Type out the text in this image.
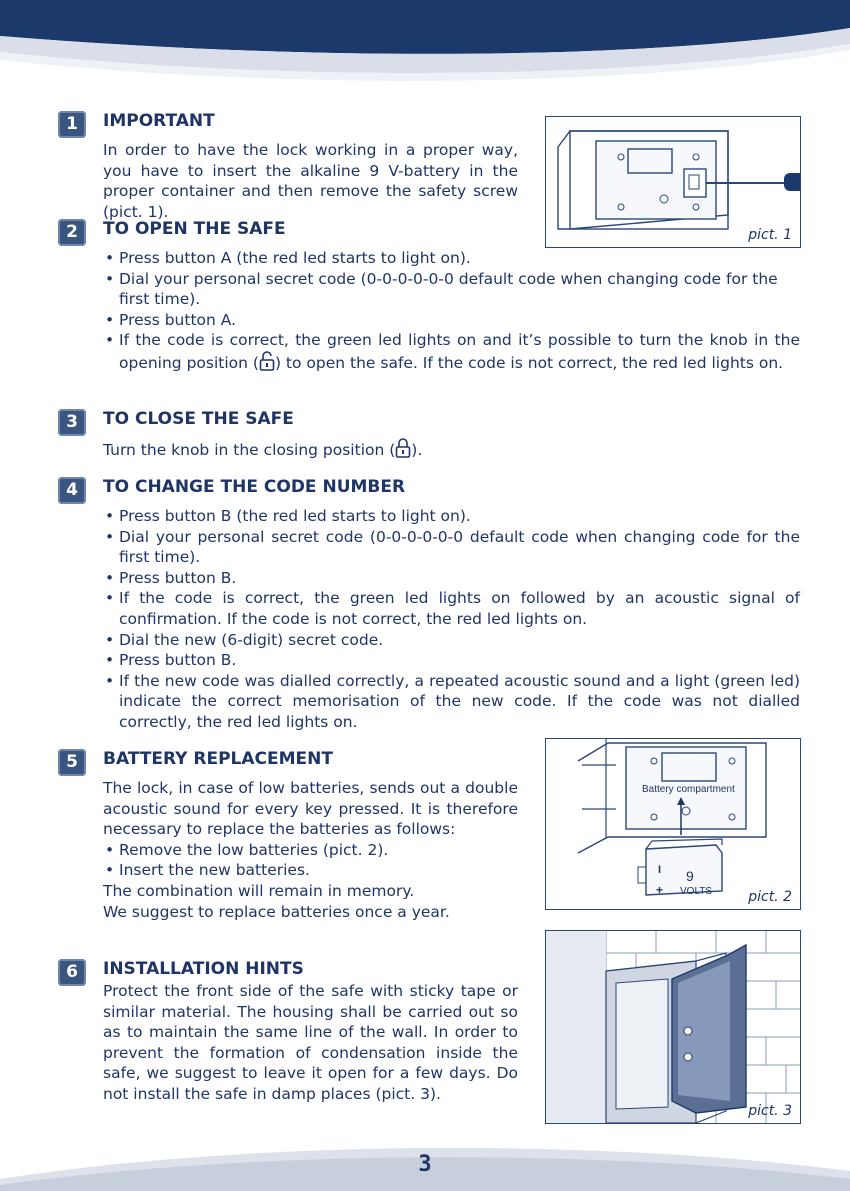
1	IMPORTANT

In order to have the lock working in a proper way, you have to insert the alkaline 9 V-battery in the proper container and then remove the safety screw (pict. 1).

pict. 1
2	TO OPEN THE SAFE
• Press button A (the red led starts to light on).
• Dial your personal secret code (0-0-0-0-0-0 default code when changing code for the first time).
• Press button A.
• If the code is correct, the green led lights on and it’s possible to turn the knob in the opening position ( ) to open the safe. If the code is not correct, the red led lights on.
3	TO CLOSE THE SAFE

Turn the knob in the closing position ( ).

4	TO CHANGE THE CODE NUMBER
• Press button B (the red led starts to light on).
• Dial your personal secret code (0-0-0-0-0-0 default code when changing code for the first time).
• Press button B.
• If the code is correct, the green led lights on followed by an acoustic signal of confirmation. If the code is not correct, the red led lights on.
• Dial the new (6-digit) secret code.
• Press button B.
• If the new code was dialled correctly, a repeated acoustic sound and a light (green led) indicate the correct memorisation of the new code. If the code was not dialled correctly, the red led lights on.
5	BATTERY REPLACEMENT

The lock, in case of low batteries, sends out a double acoustic sound for every key pressed. It is therefore necessary to replace the batteries as follows:

• Remove the low batteries (pict. 2).
• Insert the new batteries.

The combination will remain in memory.

We suggest to replace batteries once a year.

Battery compartment
I 9
+ VOLTS	pict. 2
6	INSTALLATION HINTS

Protect the front side of the safe with sticky tape or similar material. The housing shall be carried out so as to maintain the same line of the wall. In order to prevent the formation of condensation inside the safe, we suggest to leave it open for a few days. Do not install the safe in damp places (pict. 3).

pict. 3
3
